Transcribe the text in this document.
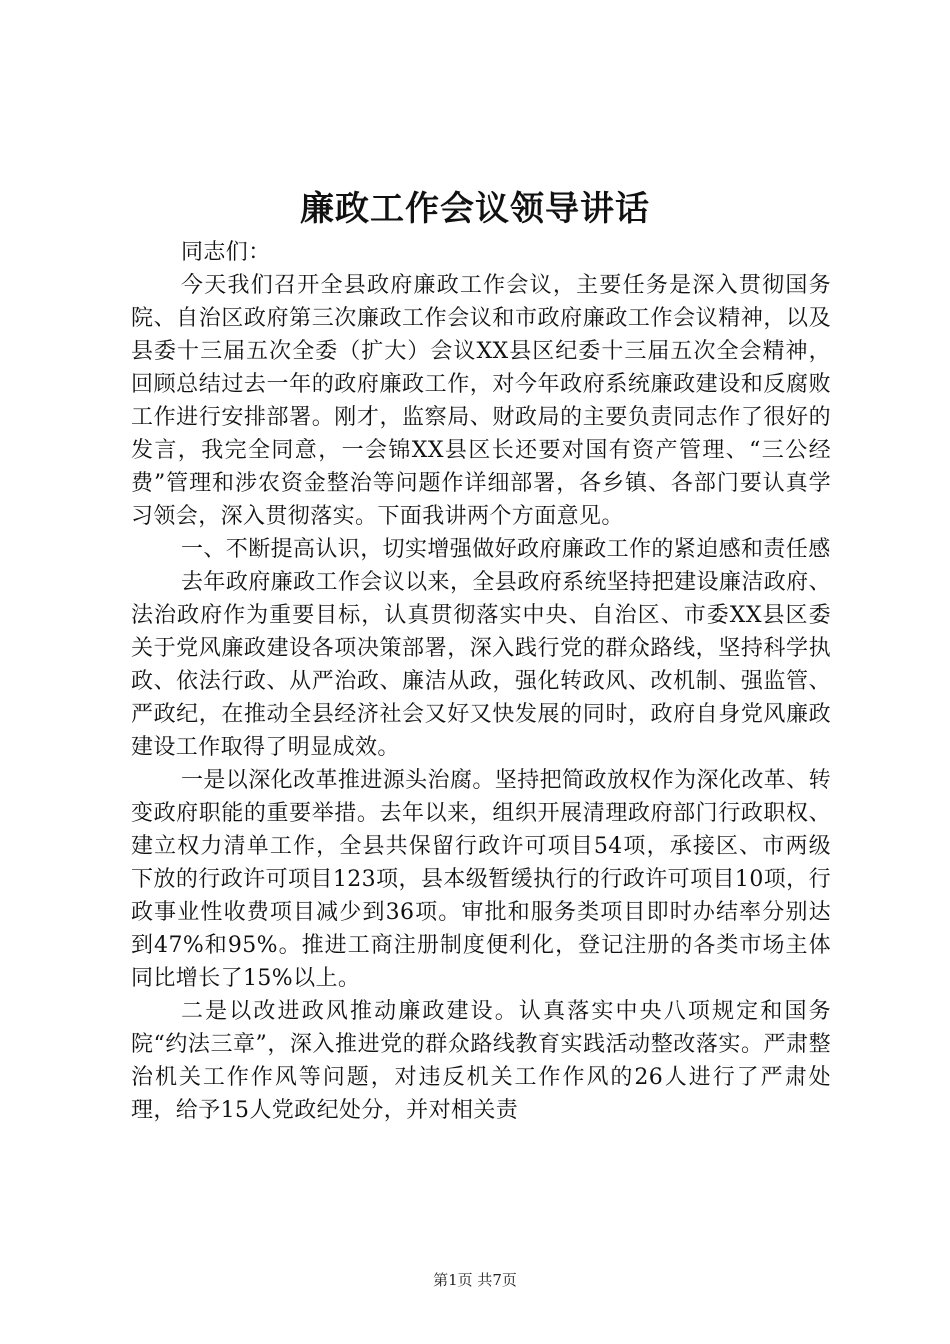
廉政工作会议领导讲话

同志们：

今天我们召开全县政府廉政工作会议，主要任务是深入贯彻国务院、自治区政府第三次廉政工作会议和市政府廉政工作会议精神，以及县委十三届五次全委（扩大）会议XX县区纪委十三届五次全会精神，回顾总结过去一年的政府廉政工作，对今年政府系统廉政建设和反腐败工作进行安排部署。刚才，监察局、财政局的主要负责同志作了很好的发言，我完全同意，一会锦XX县区长还要对国有资产管理、“三公经费”管理和涉农资金整治等问题作详细部署，各乡镇、各部门要认真学习领会，深入贯彻落实。下面我讲两个方面意见。

一、不断提高认识，切实增强做好政府廉政工作的紧迫感和责任感

去年政府廉政工作会议以来，全县政府系统坚持把建设廉洁政府、法治政府作为重要目标，认真贯彻落实中央、自治区、市委XX县区委关于党风廉政建设各项决策部署，深入践行党的群众路线，坚持科学执政、依法行政、从严治政、廉洁从政，强化转政风、改机制、强监管、严政纪，在推动全县经济社会又好又快发展的同时，政府自身党风廉政建设工作取得了明显成效。

一是以深化改革推进源头治腐。坚持把简政放权作为深化改革、转变政府职能的重要举措。去年以来，组织开展清理政府部门行政职权、建立权力清单工作，全县共保留行政许可项目54项，承接区、市两级下放的行政许可项目123项，县本级暂缓执行的行政许可项目10项，行政事业性收费项目减少到36项。审批和服务类项目即时办结率分别达到47%和95%。推进工商注册制度便利化，登记注册的各类市场主体同比增长了15%以上。

二是以改进政风推动廉政建设。认真落实中央八项规定和国务院“约法三章”，深入推进党的群众路线教育实践活动整改落实。严肃整治机关工作作风等问题，对违反机关工作作风的26人进行了严肃处理，给予15人党政纪处分，并对相关责

第1页 共7页
